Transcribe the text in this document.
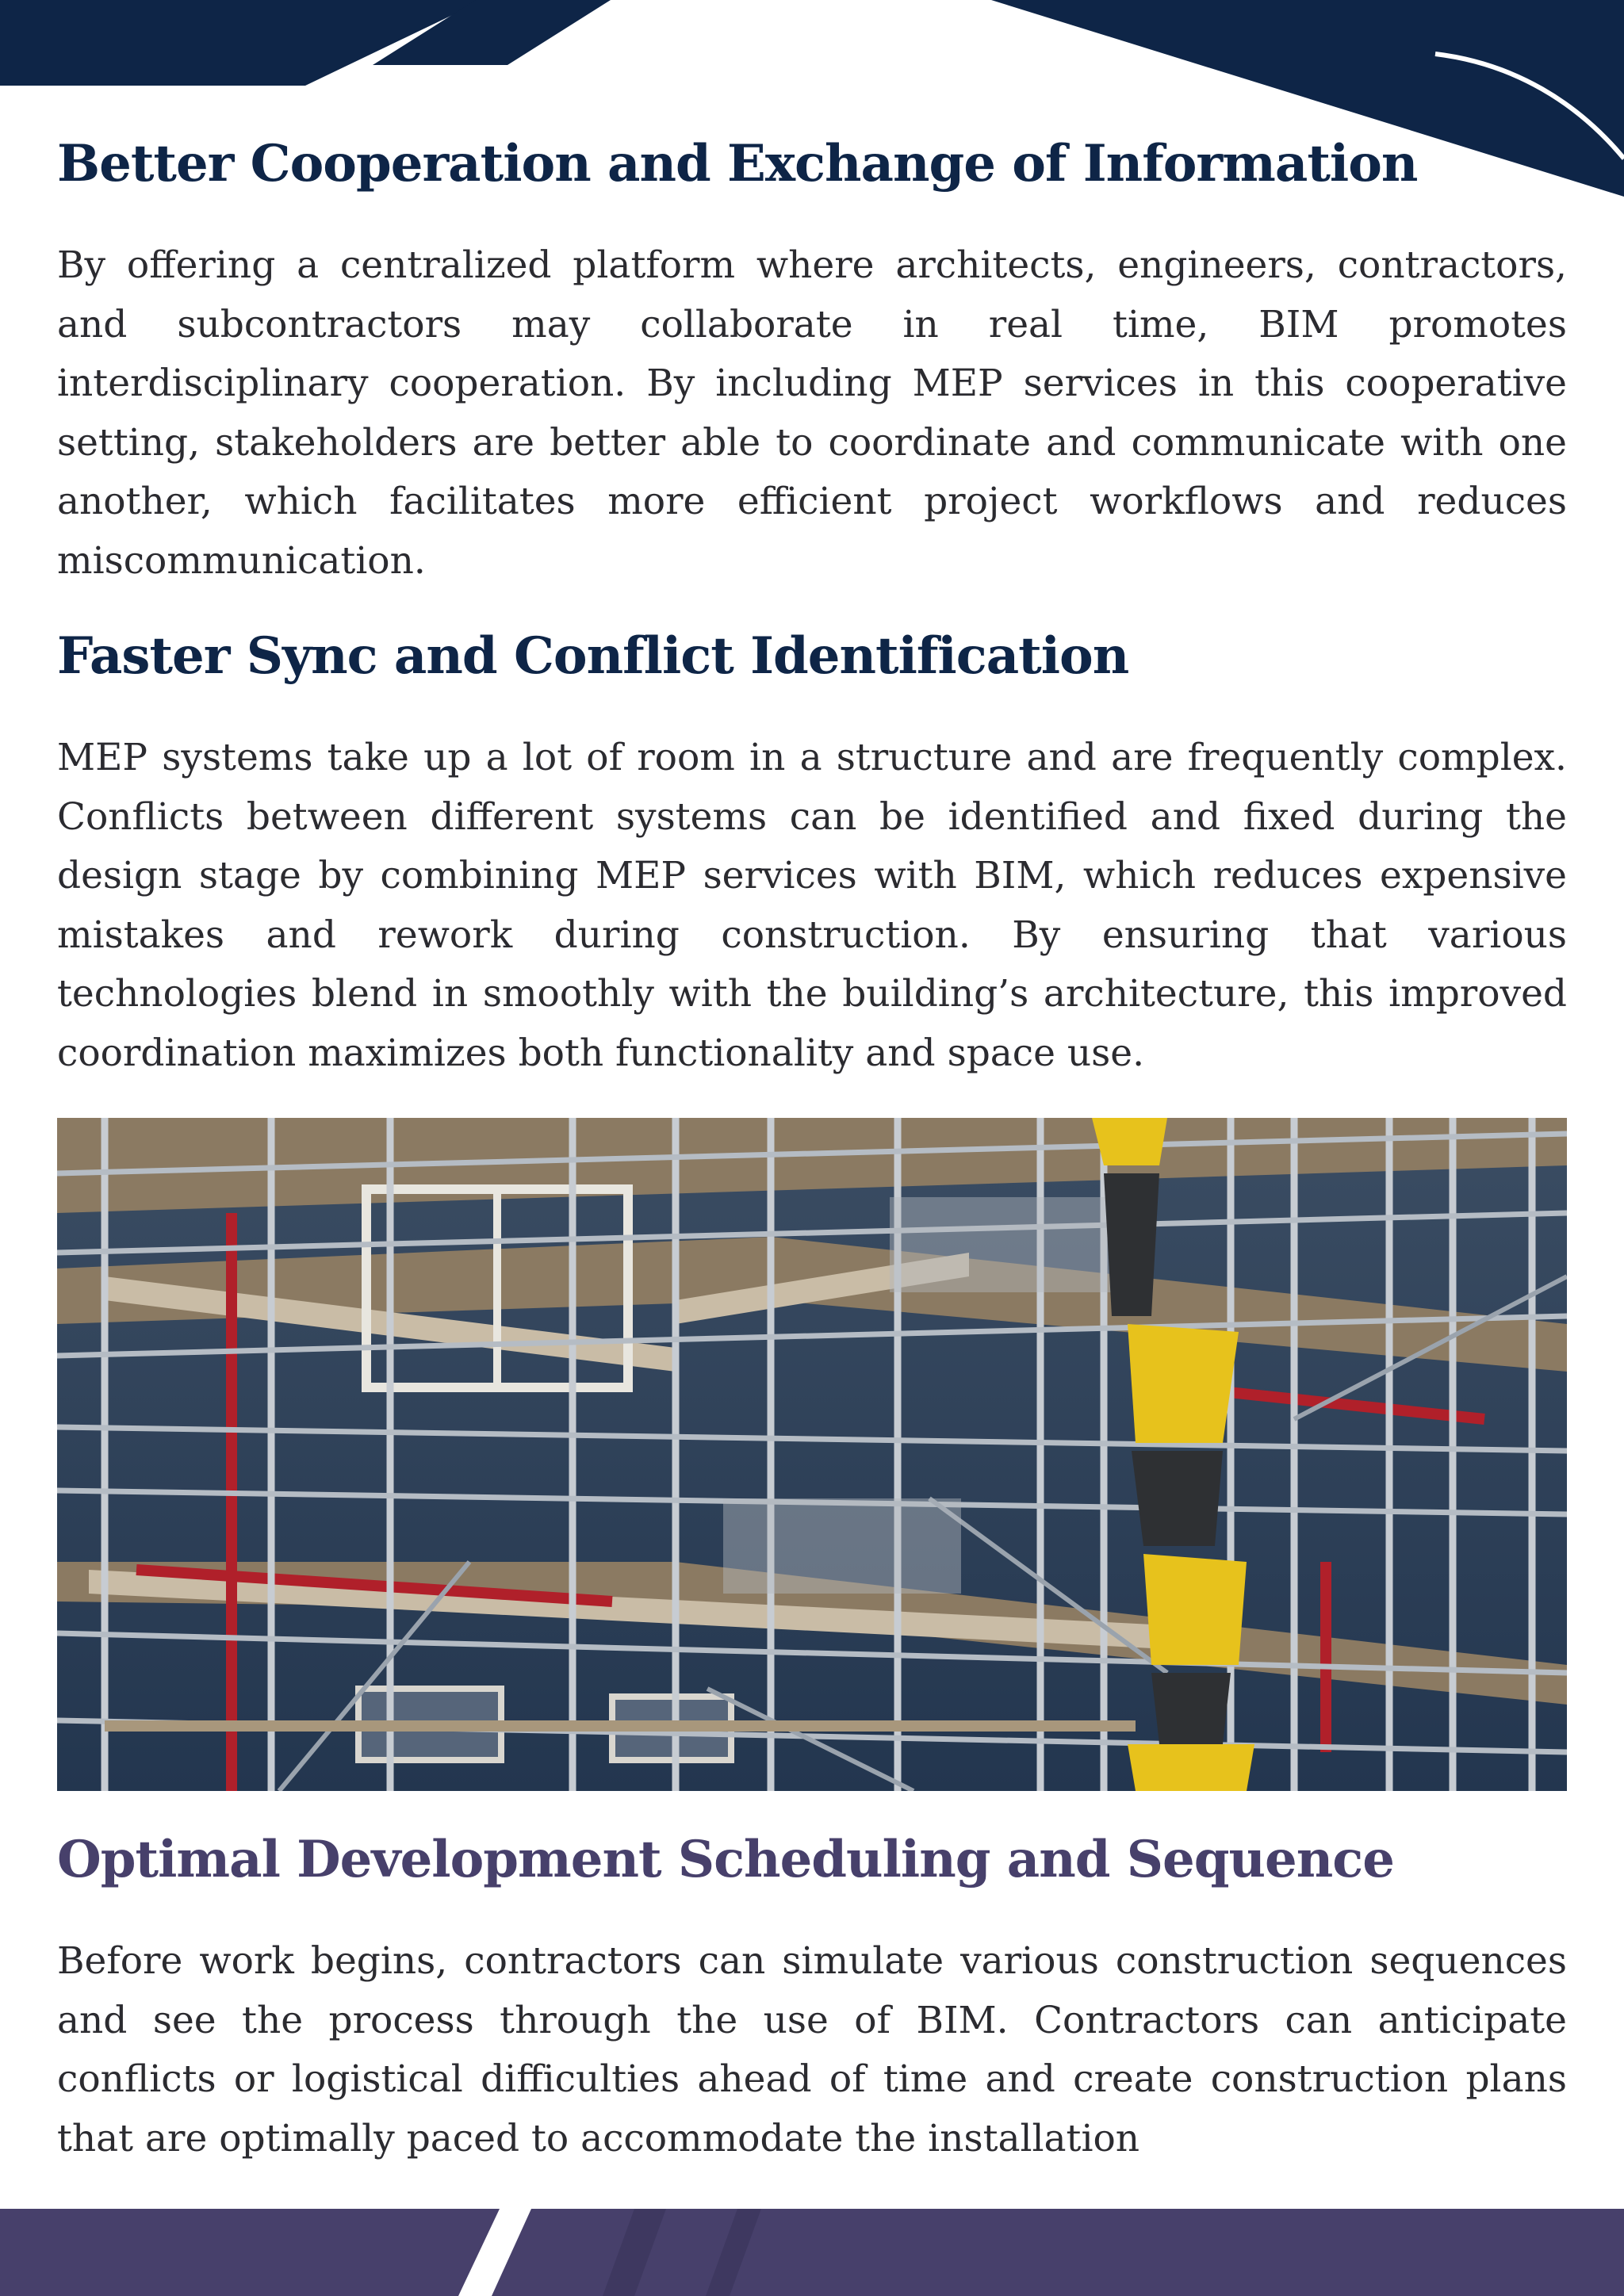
Better Cooperation and Exchange of Information

By offering a centralized platform where architects, engineers, contractors, and subcontractors may collaborate in real time, BIM promotes interdisciplinary cooperation. By including MEP services in this cooperative setting, stakeholders are better able to coordinate and communicate with one another, which facilitates more efficient project workflows and reduces miscommunication.

Faster Sync and Conflict Identification

MEP systems take up a lot of room in a structure and are frequently complex. Conflicts between different systems can be identified and fixed during the design stage by combining MEP services with BIM, which reduces expensive mistakes and rework during construction. By ensuring that various technologies blend in smoothly with the building’s architecture, this improved coordination maximizes both functionality and space use.

Optimal Development Scheduling and Sequence

Before work begins, contractors can simulate various construction sequences and see the process through the use of BIM. Contractors can anticipate conflicts or logistical difficulties ahead of time and create construction plans that are optimally paced to accommodate the installation
